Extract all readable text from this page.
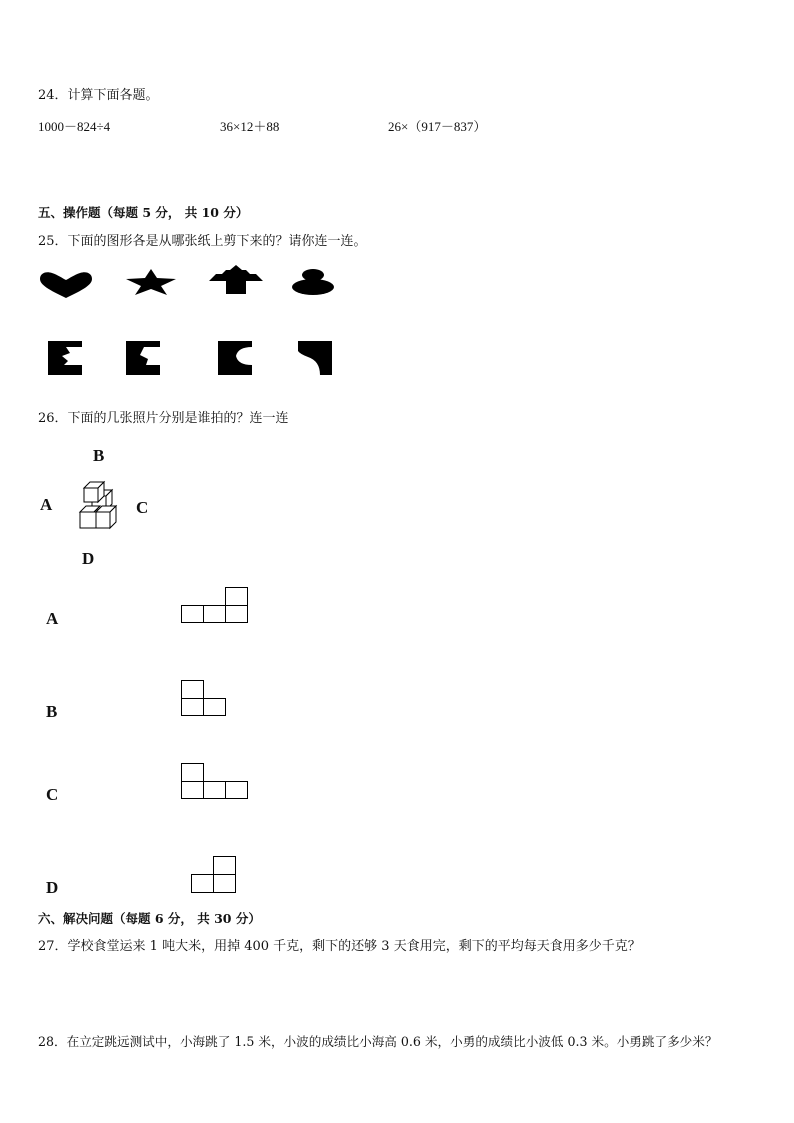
24．计算下面各题。
1000－824÷4	36×12＋88	26×（917－837）
五、操作题（每题 5 分， 共 10 分）
25．下面的图形各是从哪张纸上剪下来的？请你连一连。
26．下面的几张照片分别是谁拍的？连一连
B
A	C
D
A
B
C
D
六、解决问题（每题 6 分， 共 30 分）
27．学校食堂运来 1 吨大米，用掉 400 千克，剩下的还够 3 天食用完，剩下的平均每天食用多少千克？
28．在立定跳远测试中，小海跳了 1.5 米，小波的成绩比小海高 0.6 米，小勇的成绩比小波低 0.3 米。小勇跳了多少米？
